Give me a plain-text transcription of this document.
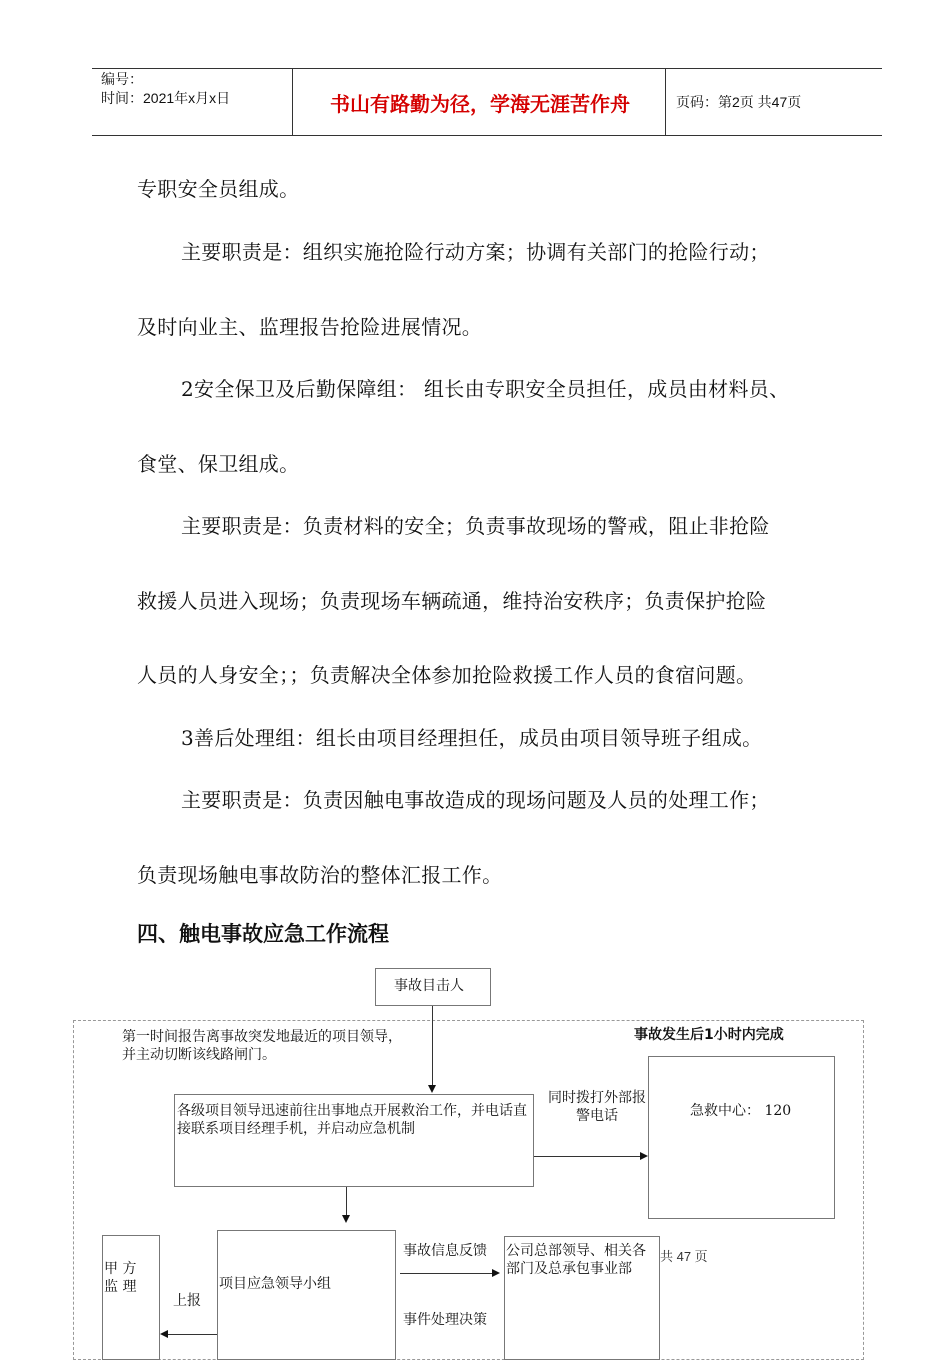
编号：
时间：2021年x月x日	书山有路勤为径，学海无涯苦作舟	页码：第2页 共47页
专职安全员组成。
主要职责是：组织实施抢险行动方案；协调有关部门的抢险行动；
及时向业主、监理报告抢险进展情况。
2安全保卫及后勤保障组： 组长由专职安全员担任，成员由材料员、
食堂、保卫组成。
主要职责是：负责材料的安全；负责事故现场的警戒，阻止非抢险
救援人员进入现场；负责现场车辆疏通，维持治安秩序；负责保护抢险
人员的人身安全；；负责解决全体参加抢险救援工作人员的食宿问题。
3善后处理组：组长由项目经理担任，成员由项目领导班子组成。
主要职责是：负责因触电事故造成的现场问题及人员的处理工作；
负责现场触电事故防治的整体汇报工作。
四、触电事故应急工作流程
事故目击人
第一时间报告离事故突发地最近的项目领导，并主动切断该线路闸门。
事故发生后1小时内完成
各级项目领导迅速前往出事地点开展救治工作，并电话直接联系项目经理手机，并启动应急机制
同时拨打外部报警电话	急救中心： 120
项目应急领导小组
事故信息反馈 公司总部领导、相关各部门及总承包事业部
共 47 页
事件处理决策
甲 方
监 理
上报
